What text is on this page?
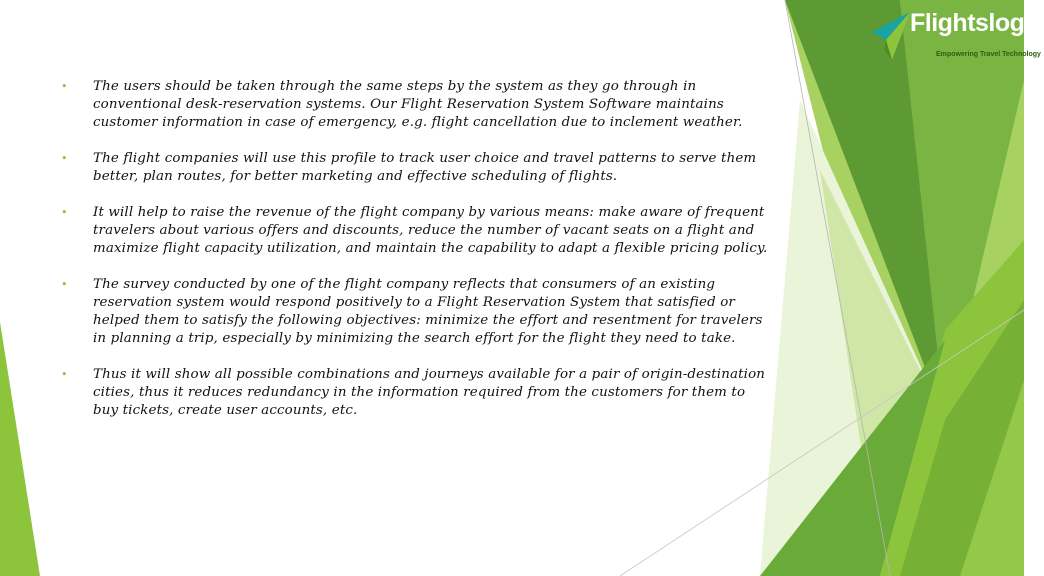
Flightslogic
Empowering Travel Technology
• The users should be taken through the same steps by the system as they go through in conventional desk-reservation systems. Our Flight Reservation System Software maintains customer information in case of emergency, e.g. flight cancellation due to inclement weather.
• The flight companies will use this profile to track user choice and travel patterns to serve them better, plan routes, for better marketing and effective scheduling of flights.
• It will help to raise the revenue of the flight company by various means: make aware of frequent travelers about various offers and discounts, reduce the number of vacant seats on a flight and maximize flight capacity utilization, and maintain the capability to adapt a flexible pricing policy.
• The survey conducted by one of the flight company reflects that consumers of an existing reservation system would respond positively to a Flight Reservation System that satisfied or helped them to satisfy the following objectives: minimize the effort and resentment for travelers in planning a trip, especially by minimizing the search effort for the flight they need to take.
• Thus it will show all possible combinations and journeys available for a pair of origin-destination cities, thus it reduces redundancy in the information required from the customers for them to buy tickets, create user accounts, etc.
